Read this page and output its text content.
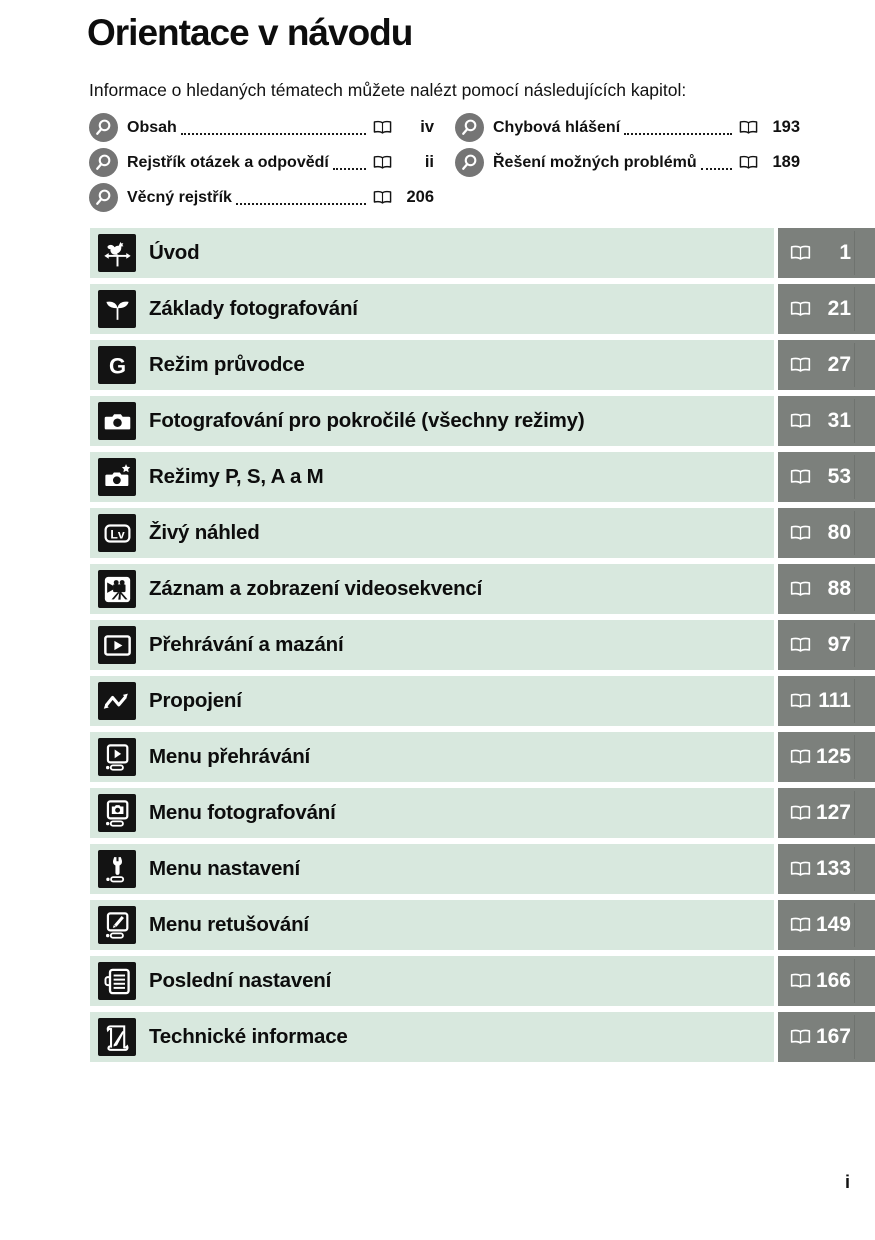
Orientace v návodu
Informace o hledaných tématech můžete nalézt pomocí následujících kapitol:
Obsah	iv
Rejstřík otázek a odpovědí	ii
Věcný rejstřík	206
Chybová hlášení	193
Řešení možných problémů	189
Úvod	1
Základy fotografování	21
G Režim průvodce	27
Fotografování pro pokročilé (všechny režimy)	31
Režimy P, S, A a M	53
Lv Živý náhled	80
Záznam a zobrazení videosekvencí	88
Přehrávání a mazání	97
Propojení	111
Menu přehrávání	125
Menu fotografování	127
Menu nastavení	133
Menu retušování	149
Poslední nastavení	166
Technické informace	167
i
